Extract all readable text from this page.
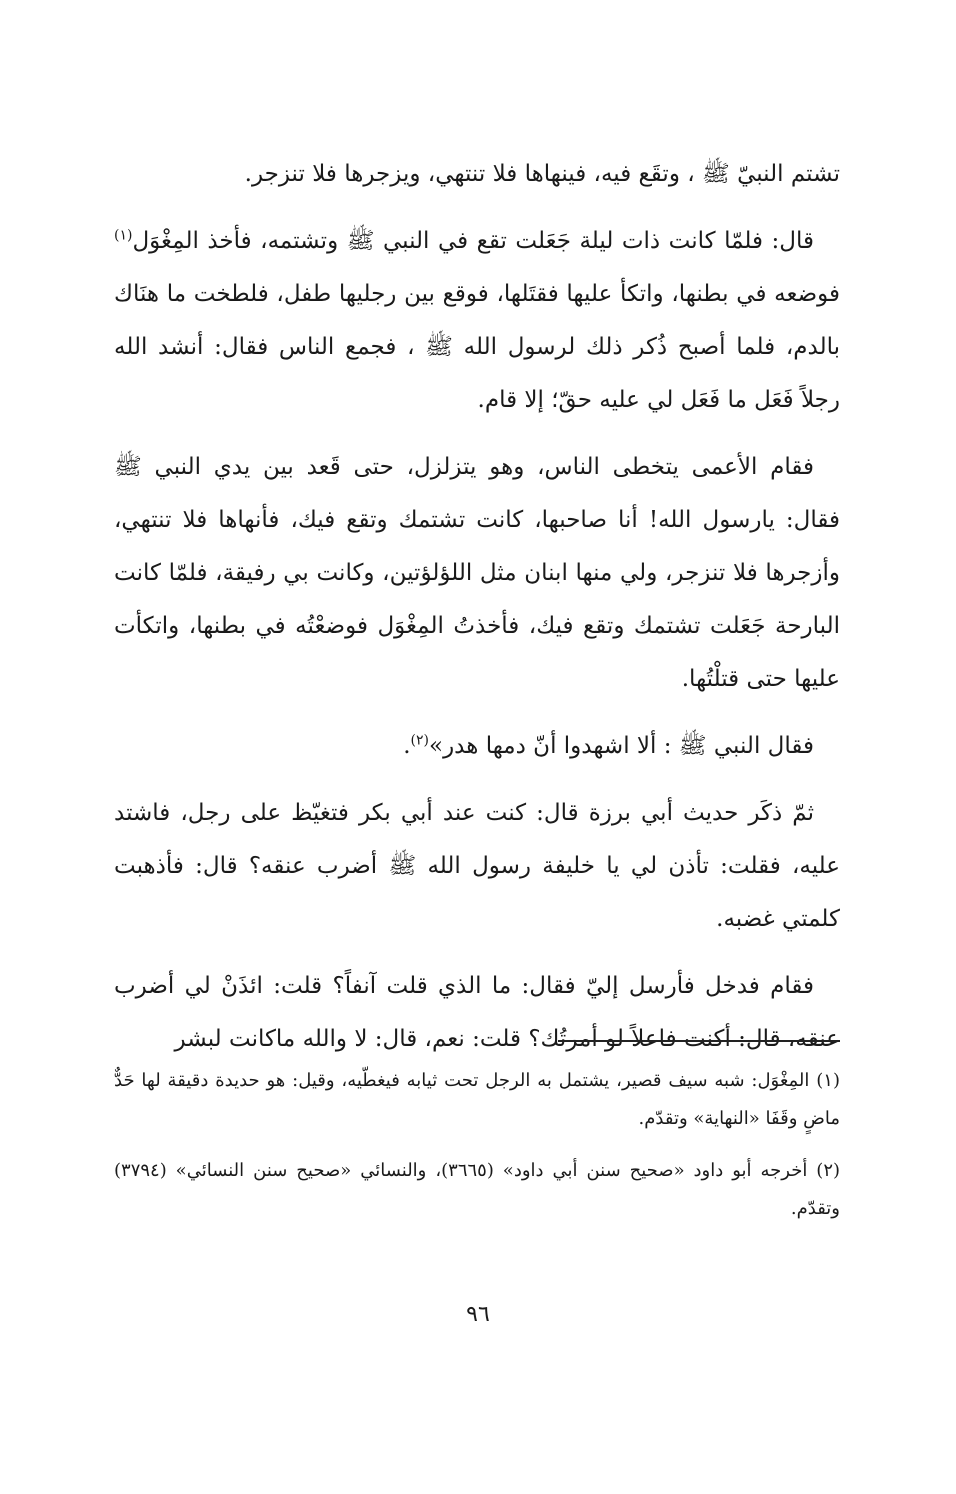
تشتم النبيّ ﷺ ، وتقَع فيه، فينهاها فلا تنتهي، ويزجرها فلا تنزجر.

قال: فلمّا كانت ذات ليلة جَعَلت تقع في النبي ﷺ وتشتمه، فأخذ المِغْوَل$^{(١)}$ فوضعه في بطنها، واتكأ عليها فقتَلها، فوقع بين رجليها طفل، فلطخت ما هنَاك بالدم، فلما أصبح ذُكر ذلك لرسول الله ﷺ ، فجمع الناس فقال: أنشد الله رجلاً فَعَل ما فَعَل لي عليه حقّ؛ إلا قام.

فقام الأعمى يتخطى الناس، وهو يتزلزل، حتى قَعد بين يدي النبي ﷺ فقال: يارسول الله! أنا صاحبها، كانت تشتمك وتقع فيك، فأنهاها فلا تنتهي، وأزجرها فلا تنزجر، ولي منها ابنان مثل اللؤلؤتين، وكانت بي رفيقة، فلمّا كانت البارحة جَعَلت تشتمك وتقع فيك، فأخذتُ المِغْوَل فوضعْتُه في بطنها، واتكأت عليها حتى قتلْتُها.

فقال النبي ﷺ : ألا اشهدوا أنّ دمها هدر»$^{(٢)}$.

ثمّ ذكَر حديث أبي برزة قال: كنت عند أبي بكر فتغيّظ على رجل، فاشتد عليه، فقلت: تأذن لي يا خليفة رسول الله ﷺ أضرب عنقه؟ قال: فأذهبت كلمتي غضبه.

فقام فدخل فأرسل إليّ فقال: ما الذي قلت آنفاً؟ قلت: ائذَنْ لي أضرب عنقه، قال: أكنت فاعلاً لو أمرتُك؟ قلت: نعم، قال: لا والله ماكانت لبشر

(١) المِغْوَل: شبه سيف قصير، يشتمل به الرجل تحت ثيابه فيغطّيه، وقيل: هو حديدة دقيقة لها حَدٌّ ماضٍ وقَفَا «النهاية» وتقدّم.

(٢) أخرجه أبو داود «صحيح سنن أبي داود» (٣٦٦٥)، والنسائي «صحيح سنن النسائي» (٣٧٩٤) وتقدّم.

٩٦
